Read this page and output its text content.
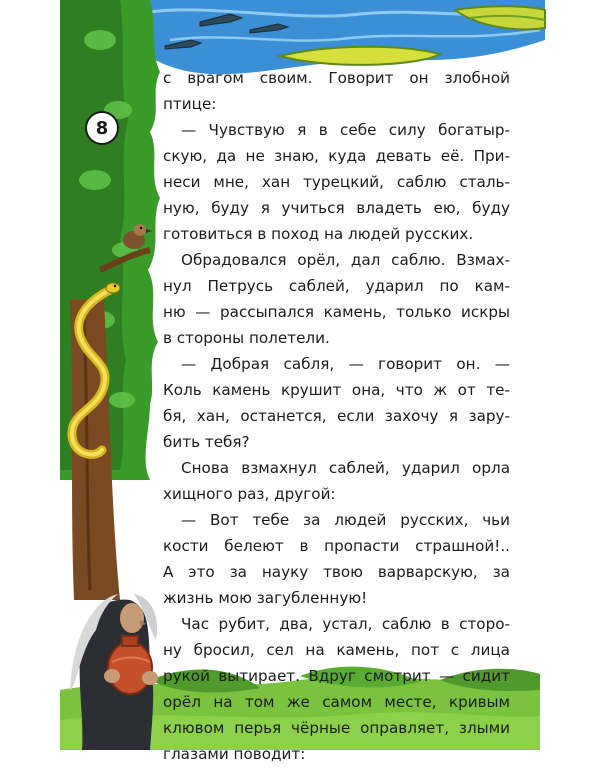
8
с врагом своим. Говорит он злобной
птице:
— Чувствую я в себе силу богатыр-
скую, да не знаю, куда девать её. При-
неси мне, хан турецкий, саблю сталь-
ную, буду я учиться владеть ею, буду
готовиться в поход на людей русских.
Обрадовался орёл, дал саблю. Взмах-
нул Петрусь саблей, ударил по кам-
ню — рассыпался камень, только искры
в стороны полетели.
— Добрая сабля, — говорит он. —
Коль камень крушит она, что ж от те-
бя, хан, останется, если захочу я зару-
бить тебя?
Снова взмахнул саблей, ударил орла
хищного раз, другой:
— Вот тебе за людей русских, чьи
кости белеют в пропасти страшной!..
А это за науку твою варварскую, за
жизнь мою загубленную!
Час рубит, два, устал, саблю в сторо-
ну бросил, сел на камень, пот с лица
рукой вытирает. Вдруг смотрит — сидит
орёл на том же самом месте, кривым
клювом перья чёрные оправляет, злыми
глазами поводит:
